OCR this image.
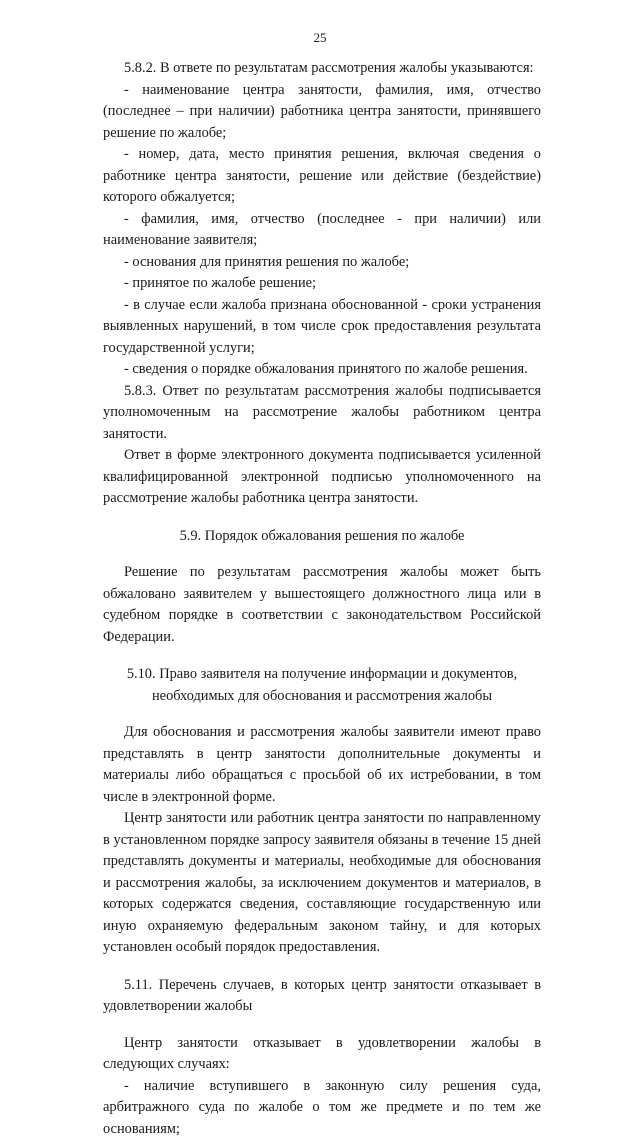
25

5.8.2. В ответе по результатам рассмотрения жалобы указываются:

- наименование центра занятости, фамилия, имя, отчество (последнее – при наличии) работника центра занятости, принявшего решение по жалобе;

- номер, дата, место принятия решения, включая сведения о работнике центра занятости, решение или действие (бездействие) которого обжалуется;

- фамилия, имя, отчество (последнее - при наличии) или наименование заявителя;

- основания для принятия решения по жалобе;

- принятое по жалобе решение;

- в случае если жалоба признана обоснованной - сроки устранения выявленных нарушений, в том числе срок предоставления результата государственной услуги;

- сведения о порядке обжалования принятого по жалобе решения.

5.8.3. Ответ по результатам рассмотрения жалобы подписывается уполномоченным на рассмотрение жалобы работником центра занятости.

Ответ в форме электронного документа подписывается усиленной квалифицированной электронной подписью уполномоченного на рассмотрение жалобы работника центра занятости.

5.9. Порядок обжалования решения по жалобе

Решение по результатам рассмотрения жалобы может быть обжаловано заявителем у вышестоящего должностного лица или в судебном порядке в соответствии с законодательством Российской Федерации.

5.10. Право заявителя на получение информации и документов, необходимых для обоснования и рассмотрения жалобы

Для обоснования и рассмотрения жалобы заявители имеют право представлять в центр занятости дополнительные документы и материалы либо обращаться с просьбой об их истребовании, в том числе в электронной форме.

Центр занятости или работник центра занятости по направленному в установленном порядке запросу заявителя обязаны в течение 15 дней представлять документы и материалы, необходимые для обоснования и рассмотрения жалобы, за исключением документов и материалов, в которых содержатся сведения, составляющие государственную или иную охраняемую федеральным законом тайну, и для которых установлен особый порядок предоставления.

5.11. Перечень случаев, в которых центр занятости отказывает в удовлетворении жалобы

Центр занятости отказывает в удовлетворении жалобы в следующих случаях:

- наличие вступившего в законную силу решения суда, арбитражного суда по жалобе о том же предмете и по тем же основаниям;
